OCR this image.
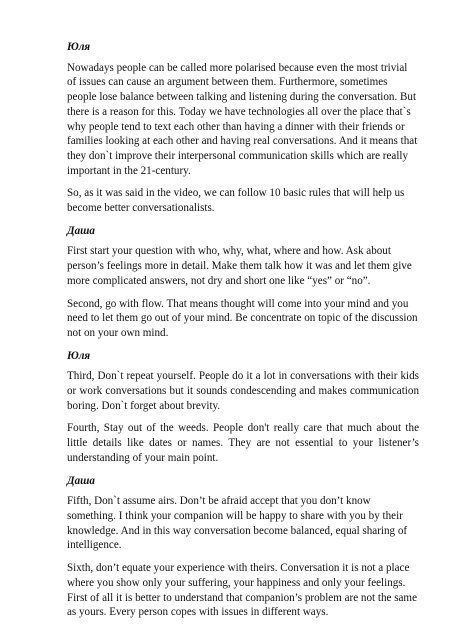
Юля

Nowadays people can be called more polarised because even the most trivial of issues can cause an argument between them. Furthermore, sometimes people lose balance between talking and listening during the conversation. But there is a reason for this. Today we have technologies all over the place that`s why people tend to text each other than having a dinner with their friends or families looking at each other and having real conversations. And it means that they don`t improve their interpersonal communication skills which are really important in the 21-century.

So, as it was said in the video, we can follow 10 basic rules that will help us become better conversationalists.

Даша

First start your question with who, why, what, where and how. Ask about person’s feelings more in detail. Make them talk how it was and let them give more complicated answers, not dry and short one like “yes” or “no”.

Second, go with flow. That means thought will come into your mind and you need to let them go out of your mind. Be concentrate on topic of the discussion not on your own mind.

Юля

Third, Don`t repeat yourself. People do it a lot in conversations with their kids or work conversations but it sounds condescending and makes communication boring. Don`t forget about brevity.

Fourth, Stay out of the weeds. People don't really care that much about the little details like dates or names. They are not essential to your listener’s understanding of your main point.

Даша

Fifth, Don`t assume airs. Don’t be afraid accept that you don’t know something. I think your companion will be happy to share with you by their knowledge. And in this way conversation become balanced, equal sharing of intelligence.

Sixth, don’t equate your experience with theirs. Conversation it is not a place where you show only your suffering, your happiness and only your feelings. First of all it is better to understand that companion’s problem are not the same as yours. Every person copes with issues in different ways.
